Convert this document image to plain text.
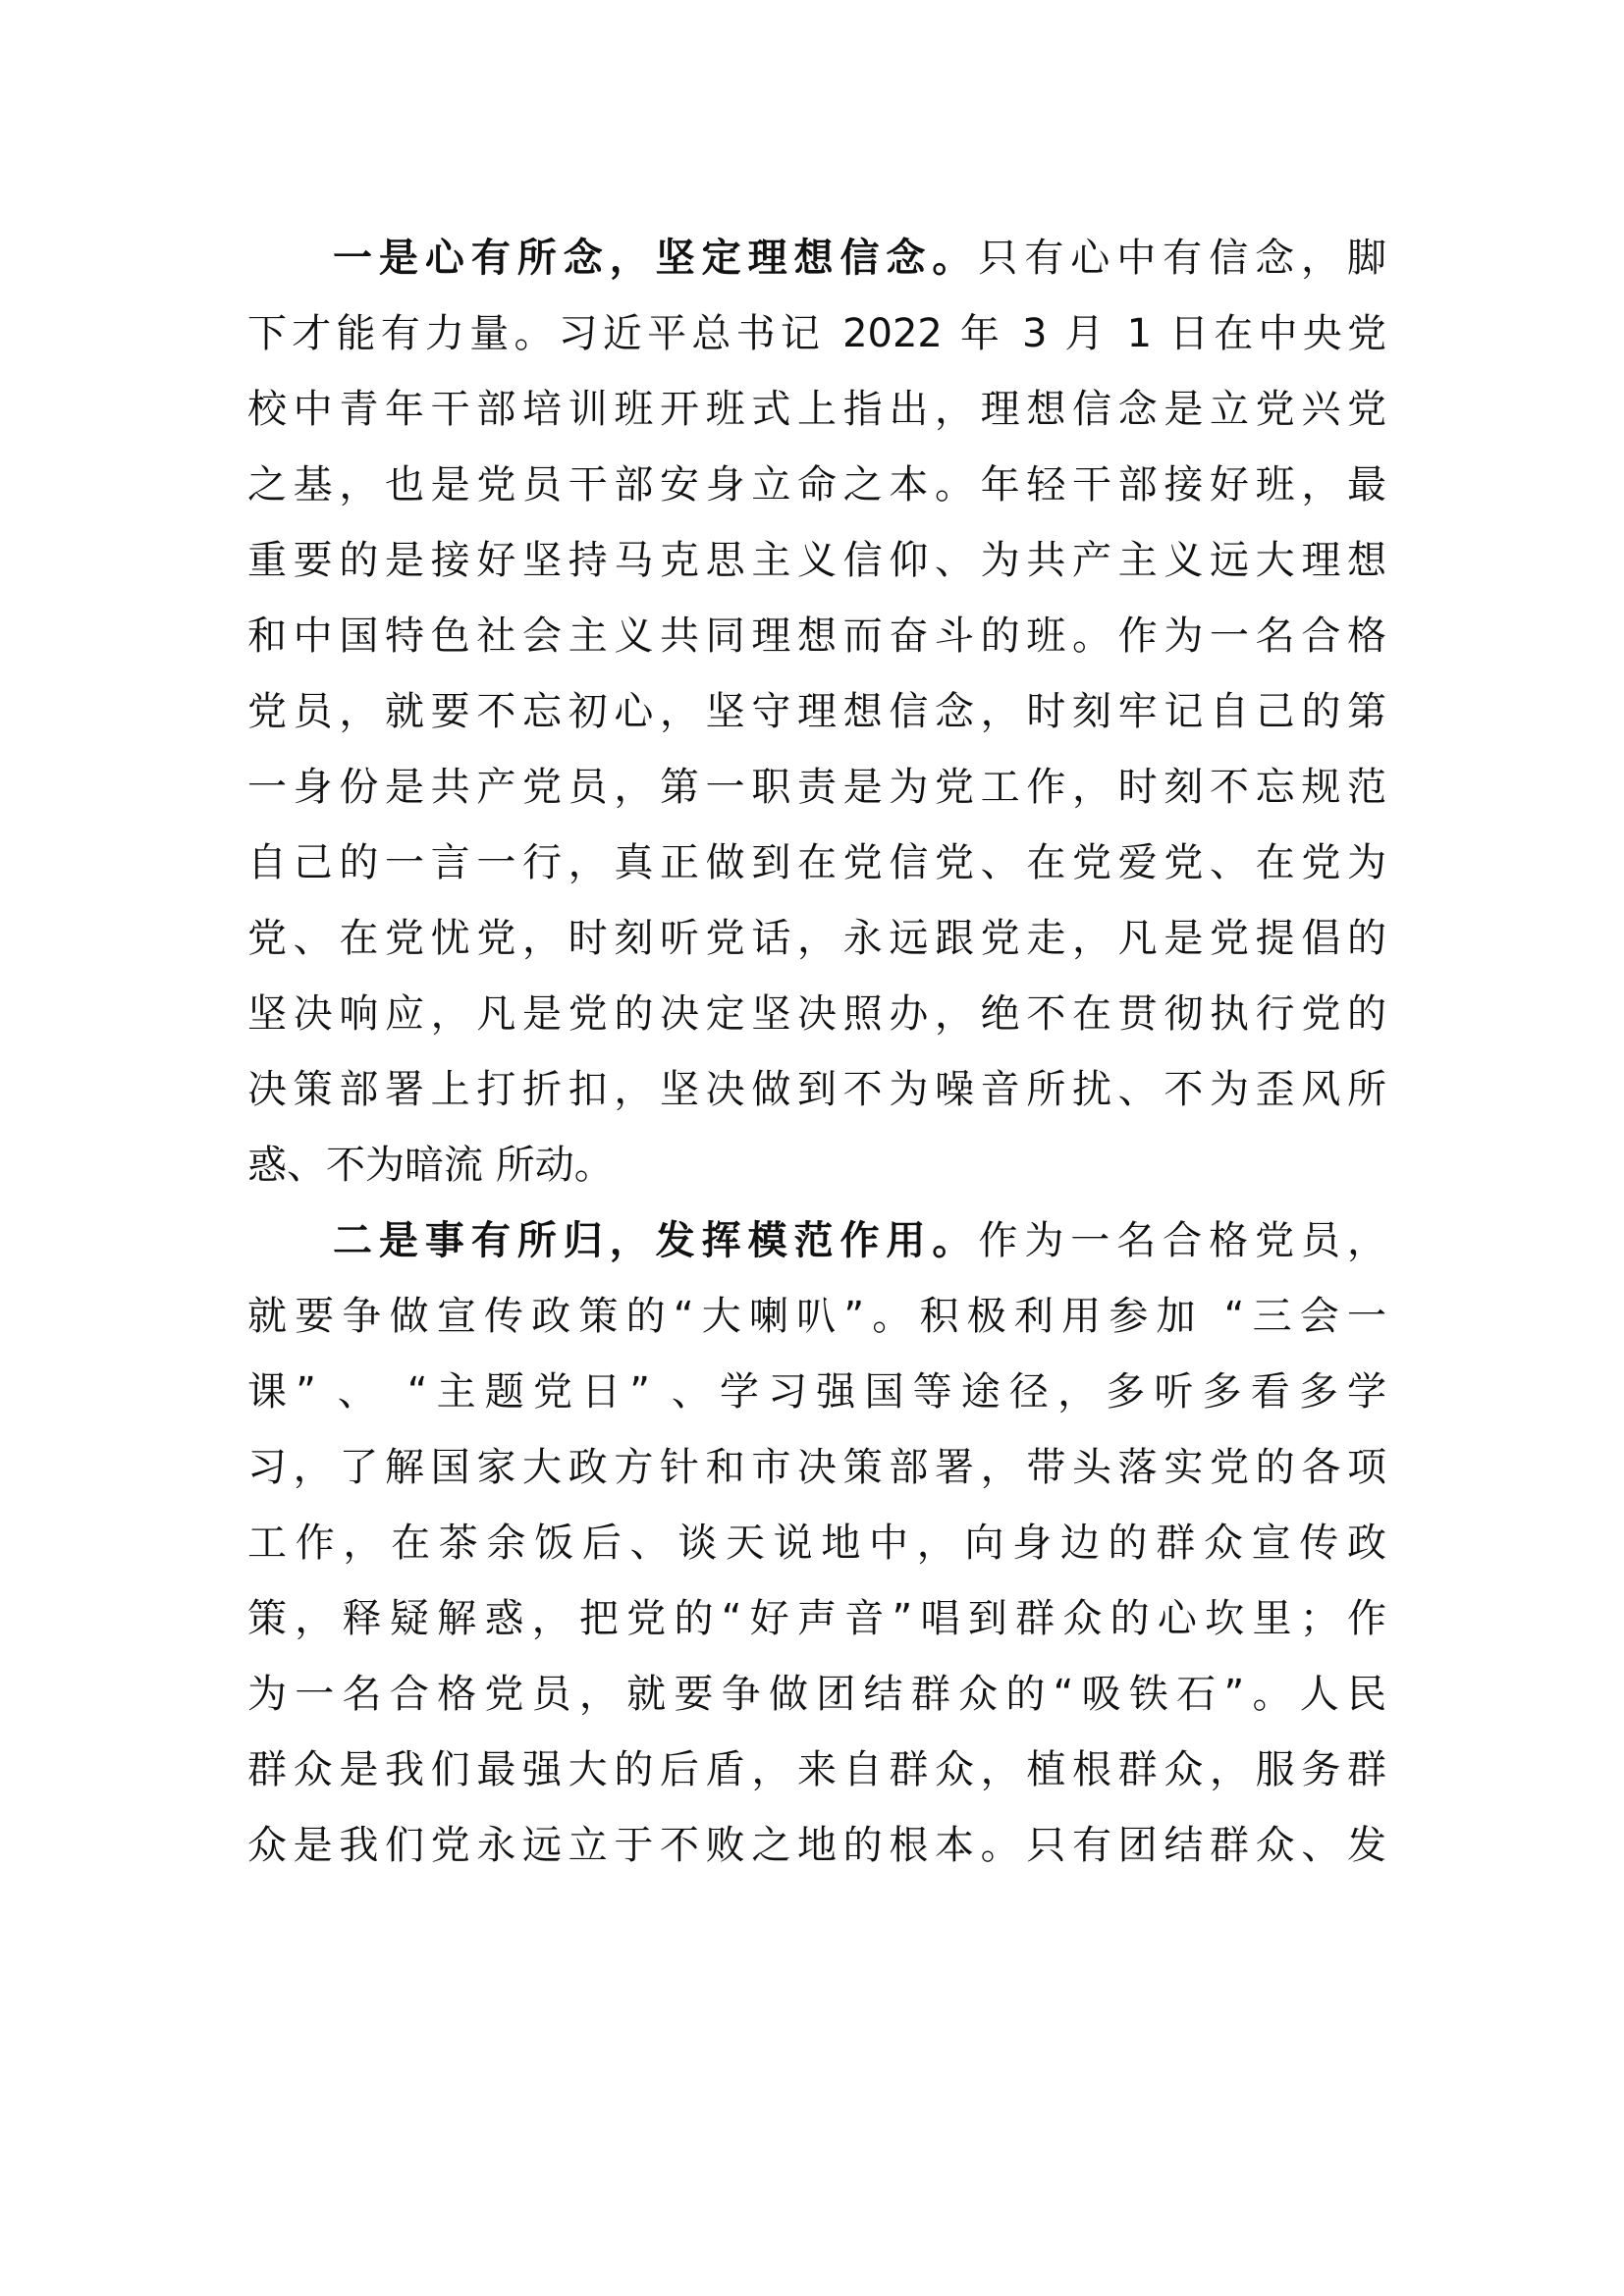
一是心有所念，坚定理想信念。只有心中有信念，脚
下才能有力量。习近平总书记 2022 年 3 月 1 日在中央党
校中青年干部培训班开班式上指出，理想信念是立党兴党
之基，也是党员干部安身立命之本。年轻干部接好班，最
重要的是接好坚持马克思主义信仰、为共产主义远大理想
和中国特色社会主义共同理想而奋斗的班。作为一名合格
党员，就要不忘初心，坚守理想信念，时刻牢记自己的第
一身份是共产党员，第一职责是为党工作，时刻不忘规范
自己的一言一行，真正做到在党信党、在党爱党、在党为
党、在党忧党，时刻听党话，永远跟党走，凡是党提倡的
坚决响应，凡是党的决定坚决照办，绝不在贯彻执行党的
决策部署上打折扣，坚决做到不为噪音所扰、不为歪风所
惑、不为暗流 所动。
二是事有所归，发挥模范作用。作为一名合格党员，
就要争做宣传政策的“大喇叭”。积极利用参加 “三会一
课” 、 “主题党日” 、学习强国等途径，多听多看多学
习，了解国家大政方针和市决策部署，带头落实党的各项
工作，在茶余饭后、谈天说地中，向身边的群众宣传政
策，释疑解惑，把党的“好声音”唱到群众的心坎里；作
为一名合格党员，就要争做团结群众的“吸铁石”。人民
群众是我们最强大的后盾，来自群众，植根群众，服务群
众是我们党永远立于不败之地的根本。只有团结群众、发
